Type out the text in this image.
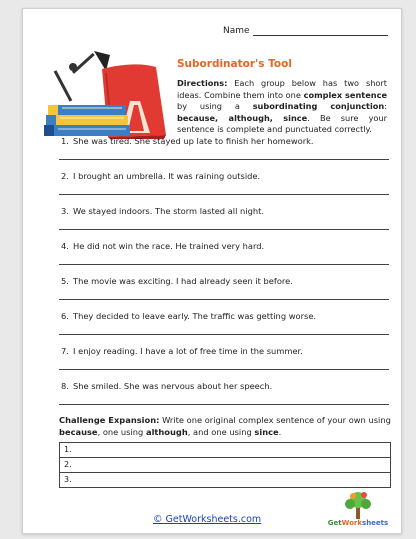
Name
Subordinator's Tool
Directions: Each group below has two short ideas. Combine them into one complex sentence by using a subordinating conjunction: because, although, since. Be sure your sentence is complete and punctuated correctly.
1. She was tired. She stayed up late to finish her homework.
2. I brought an umbrella. It was raining outside.
3. We stayed indoors. The storm lasted all night.
4. He did not win the race. He trained very hard.
5. The movie was exciting. I had already seen it before.
6. They decided to leave early. The traffic was getting worse.
7. I enjoy reading. I have a lot of free time in the summer.
8. She smiled. She was nervous about her speech.
Challenge Expansion: Write one original complex sentence of your own using because, one using although, and one using since.
1.
2.
3.
© GetWorksheets.com	GetWorksheets
